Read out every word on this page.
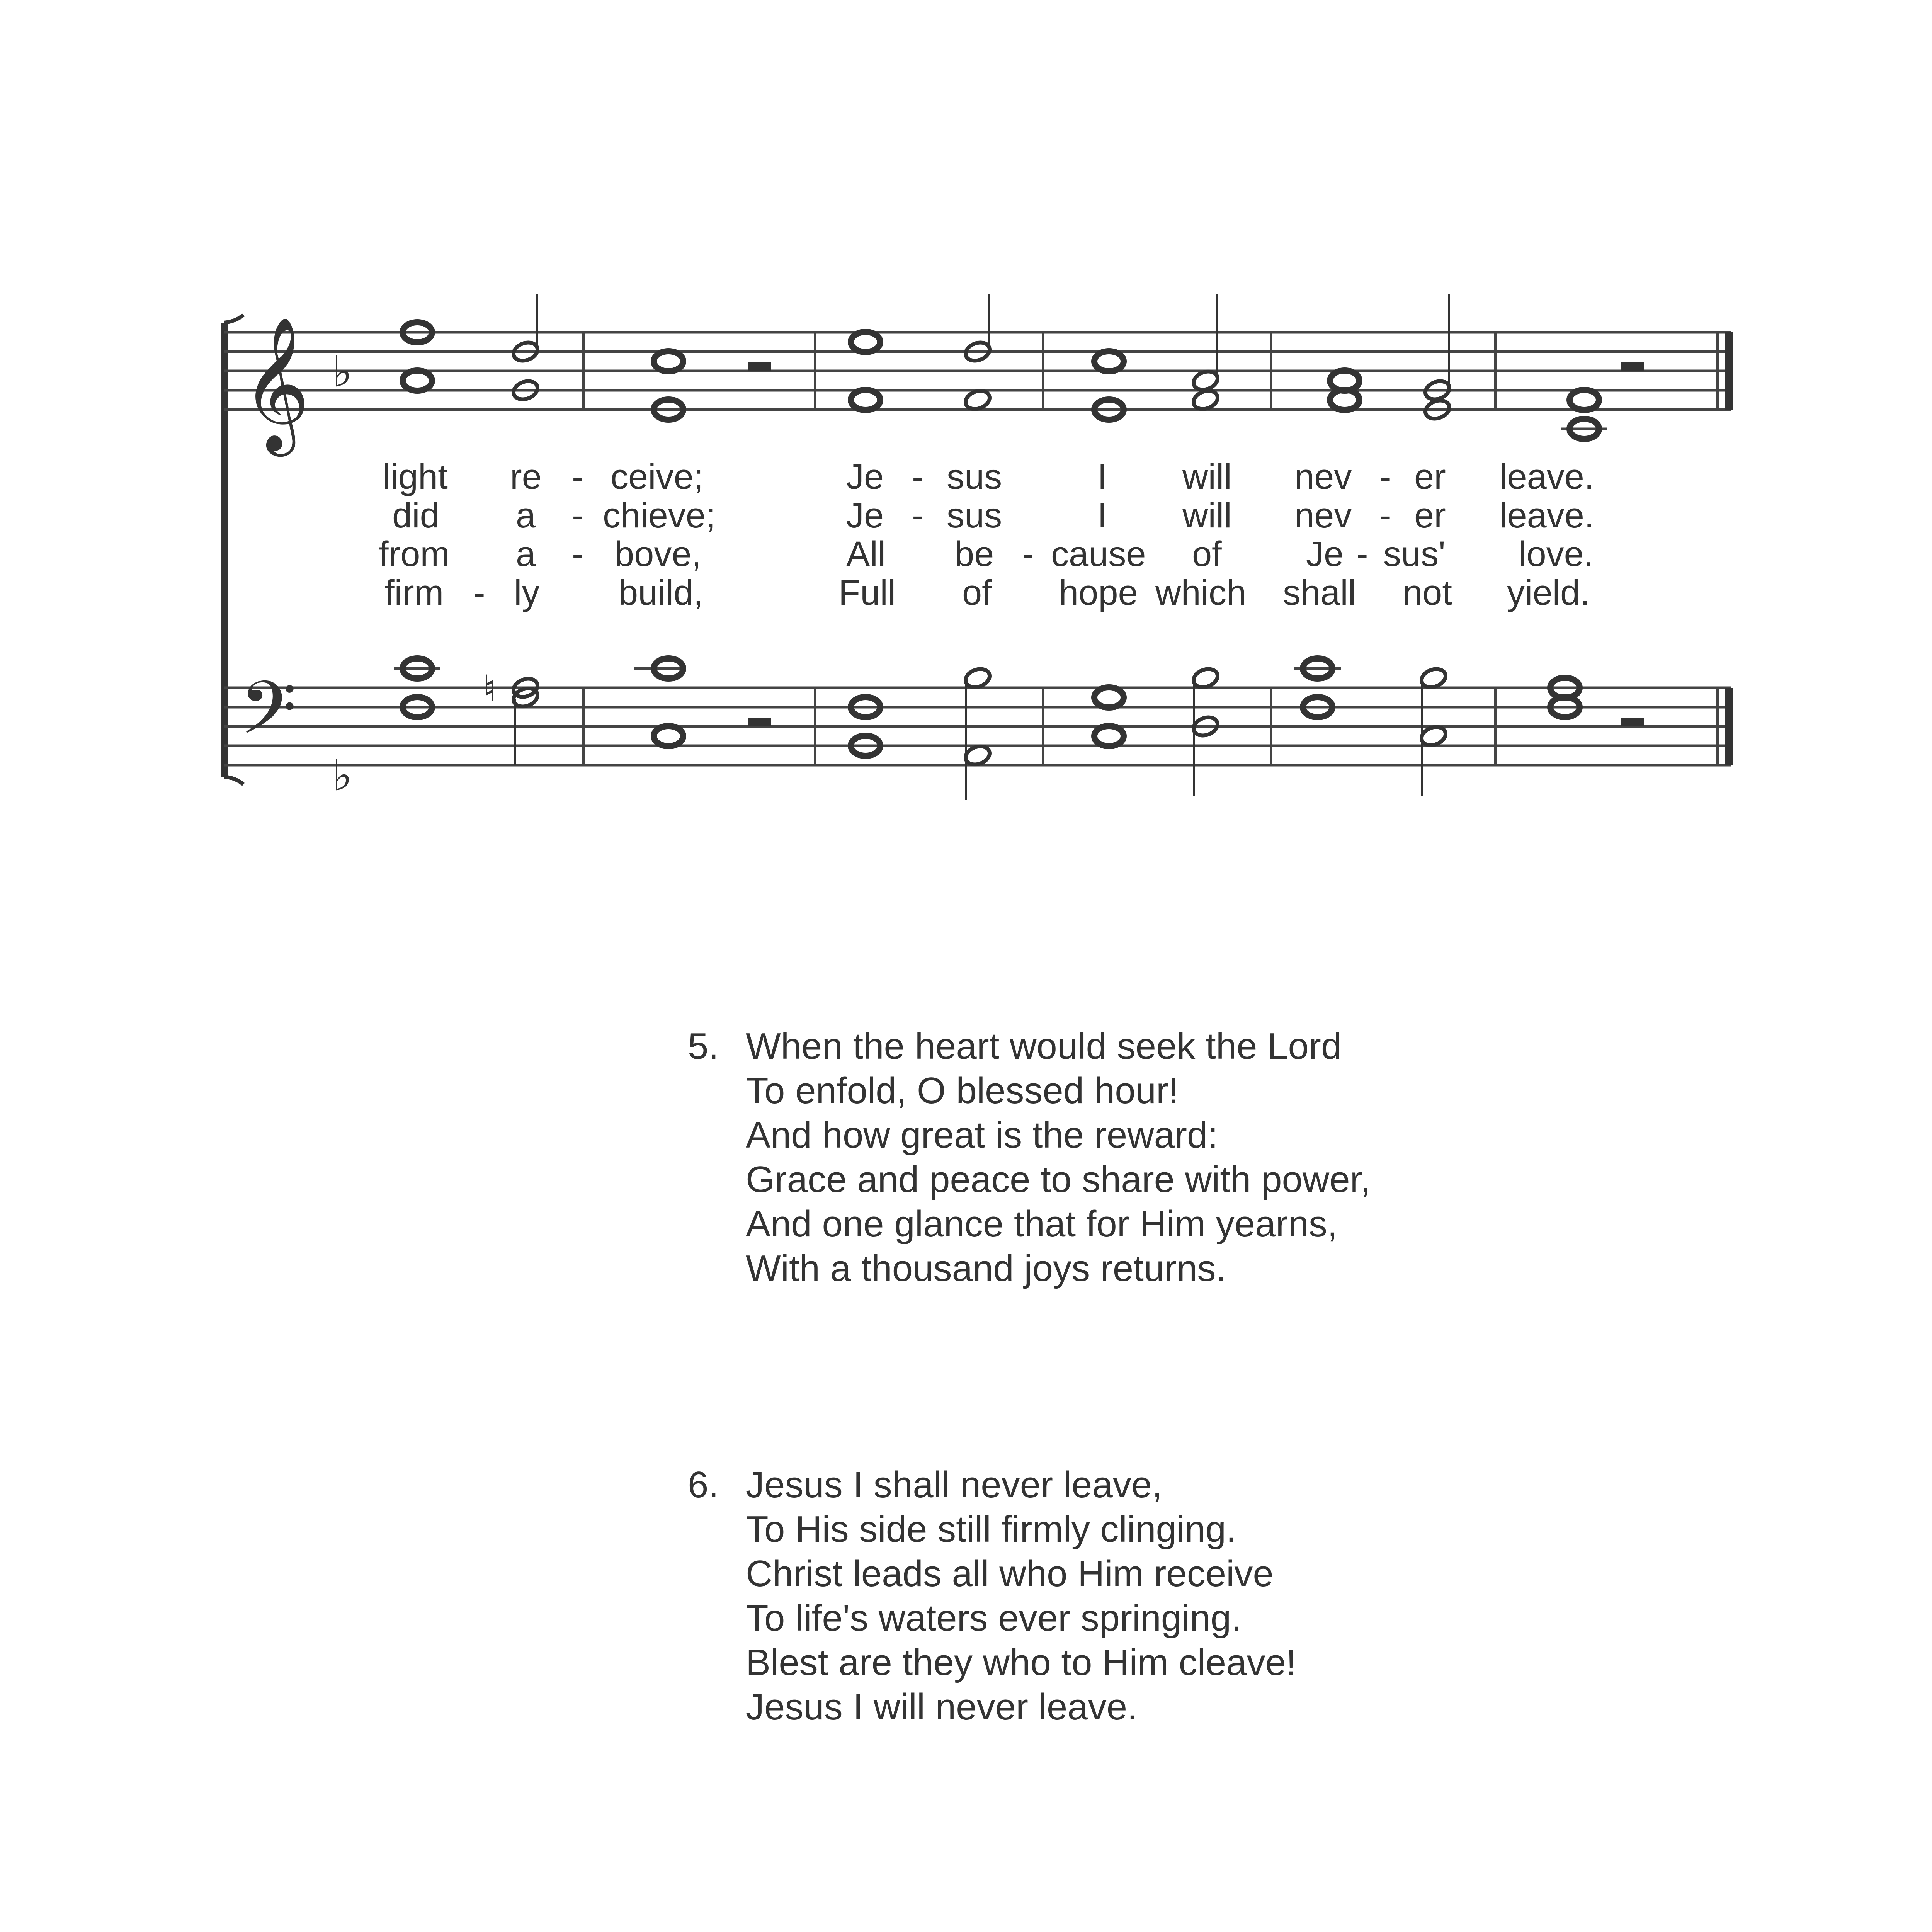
𝄞
𝄢
♭
♭
♮
light re - ceive;	Je - sus	I will nev - er leave.
did a - chieve;	Je - sus	I will nev - er leave.
from a - bove,	All be - cause of Je - sus' love.
firm - ly build,	Full of hope which shall not yield.
5. When the heart would seek the Lord
To enfold, O blessed hour!
And how great is the reward:
Grace and peace to share with power,
And one glance that for Him yearns,
With a thousand joys returns.
6. Jesus I shall never leave,
To His side still firmly clinging.
Christ leads all who Him receive
To life's waters ever springing.
Blest are they who to Him cleave!
Jesus I will never leave.
